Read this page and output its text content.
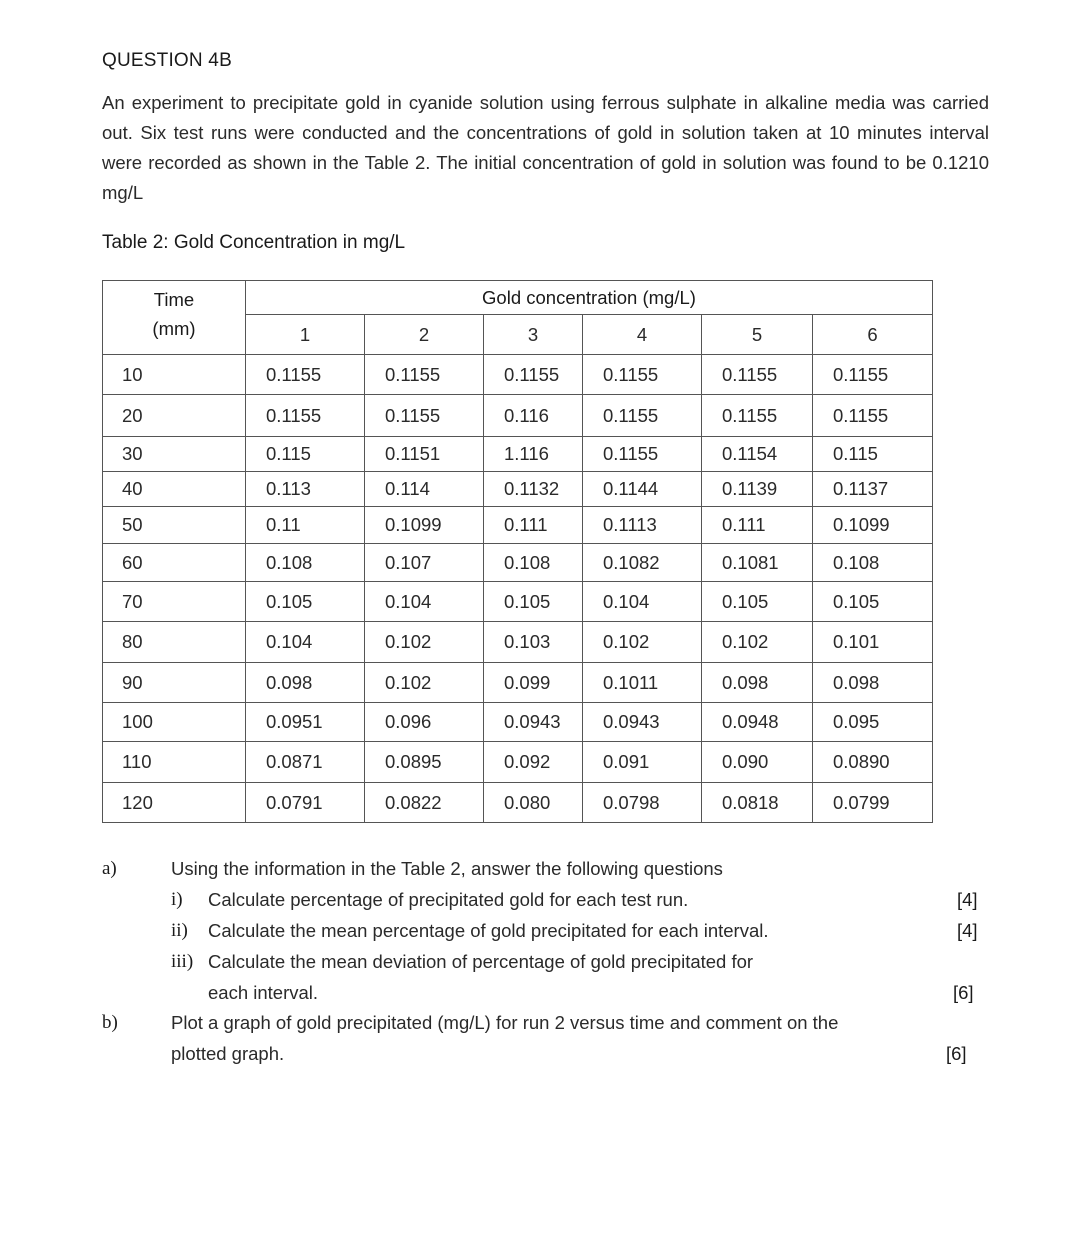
QUESTION 4B
An experiment to precipitate gold in cyanide solution using ferrous sulphate in alkaline media was carried out. Six test runs were conducted and the concentrations of gold in solution taken at 10 minutes interval were recorded as shown in the Table 2. The initial concentration of gold in solution was found to be 0.1210 mg/L
Table 2: Gold Concentration in mg/L
Time
(mm)	Gold concentration (mg/L)					
	1	2	3	4	5	6
10	0.1155	0.1155	0.1155	0.1155	0.1155	0.1155
20	0.1155	0.1155	0.116	0.1155	0.1155	0.1155
30	0.115	0.1151	1.116	0.1155	0.1154	0.115
40	0.113	0.114	0.1132	0.1144	0.1139	0.1137
50	0.11	0.1099	0.111	0.1113	0.111	0.1099
60	0.108	0.107	0.108	0.1082	0.1081	0.108
70	0.105	0.104	0.105	0.104	0.105	0.105
80	0.104	0.102	0.103	0.102	0.102	0.101
90	0.098	0.102	0.099	0.1011	0.098	0.098
100	0.0951	0.096	0.0943	0.0943	0.0948	0.095
110	0.0871	0.0895	0.092	0.091	0.090	0.0890
120	0.0791	0.0822	0.080	0.0798	0.0818	0.0799
a)	Using the information in the Table 2, answer the following questions
i) Calculate percentage of precipitated gold for each test run.	[4]
ii) Calculate the mean percentage of gold precipitated for each interval.	[4]
iii) Calculate the mean deviation of percentage of gold precipitated for
each interval.	[6]
b)	Plot a graph of gold precipitated (mg/L) for run 2 versus time and comment on the
plotted graph.	[6]
